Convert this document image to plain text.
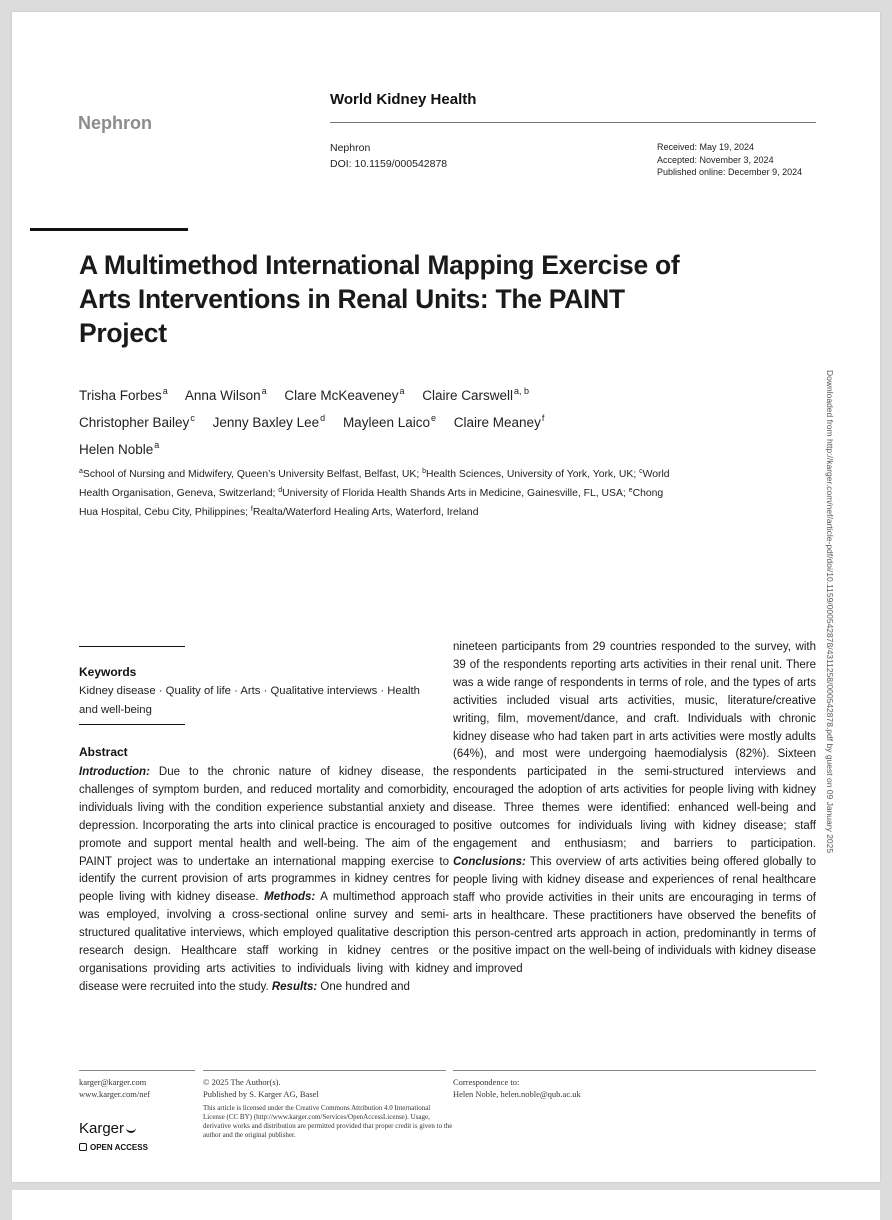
Nephron
World Kidney Health
Nephron
DOI: 10.1159/000542878
Received: May 19, 2024
Accepted: November 3, 2024
Published online: December 9, 2024
A Multimethod International Mapping Exercise of Arts Interventions in Renal Units: The PAINT Project
Trisha Forbes$^a$ Anna Wilson$^a$ Clare McKeaveney$^a$ Claire Carswell$^{a, b}$
Christopher Bailey$^c$ Jenny Baxley Lee$^d$ Mayleen Laico$^e$ Claire Meaney$^f$
Helen Noble$^a$
$^a$School of Nursing and Midwifery, Queen’s University Belfast, Belfast, UK; $^b$Health Sciences, University of York, York, UK; $^c$World Health Organisation, Geneva, Switzerland; $^d$University of Florida Health Shands Arts in Medicine, Gainesville, FL, USA; $^e$Chong Hua Hospital, Cebu City, Philippines; $^f$Realta/Waterford Healing Arts, Waterford, Ireland	Downloaded from http://karger.com/nef/article-pdf/doi/10.1159/000542878/4311258/000542878.pdf by guest on 09 January 2025
Keywords
Kidney disease · Quality of life · Arts · Qualitative interviews · Health and well-being
Abstract

Introduction: Due to the chronic nature of kidney disease, the challenges of symptom burden, and reduced mortality and comorbidity, individuals living with the condition experience substantial anxiety and depression. Incorporating the arts into clinical practice is encouraged to promote and support mental health and well-being. The aim of the PAINT project was to undertake an international mapping exercise to identify the current provision of arts programmes in kidney centres for people living with kidney disease. Methods: A multimethod approach was employed, involving a cross-sectional online survey and semi-structured qualitative interviews, which employed qualitative description research design. Healthcare staff working in kidney centres or organisations providing arts activities to individuals living with kidney disease were recruited into the study. Results: One hundred and

nineteen participants from 29 countries responded to the survey, with 39 of the respondents reporting arts activities in their renal unit. There was a wide range of respondents in terms of role, and the types of arts activities included visual arts activities, music, literature/creative writing, film, movement/dance, and craft. Individuals with chronic kidney disease who had taken part in arts activities were mostly adults (64%), and most were undergoing haemodialysis (82%). Sixteen respondents participated in the semi-structured interviews and encouraged the adoption of arts activities for people living with kidney disease. Three themes were identified: enhanced well-being and positive outcomes for individuals living with kidney disease; staff engagement and enthusiasm; and barriers to participation. Conclusions: This overview of arts activities being offered globally to people living with kidney disease and experiences of renal healthcare staff who provide activities in their units are encouraging in terms of arts in healthcare. These practitioners have observed the benefits of this person-centred arts approach in action, predominantly in terms of the positive impact on the well-being of individuals with kidney disease and improved

karger@karger.com
www.karger.com/nef
© 2025 The Author(s).
Published by S. Karger AG, Basel
This article is licensed under the Creative Commons Attribution 4.0 International License (CC BY) (http://www.karger.com/Services/OpenAccessLicense). Usage, derivative works and distribution are permitted provided that proper credit is given to the author and the original publisher.
Correspondence to:
Helen Noble, helen.noble@qub.ac.uk
Karger
OPEN ACCESS
